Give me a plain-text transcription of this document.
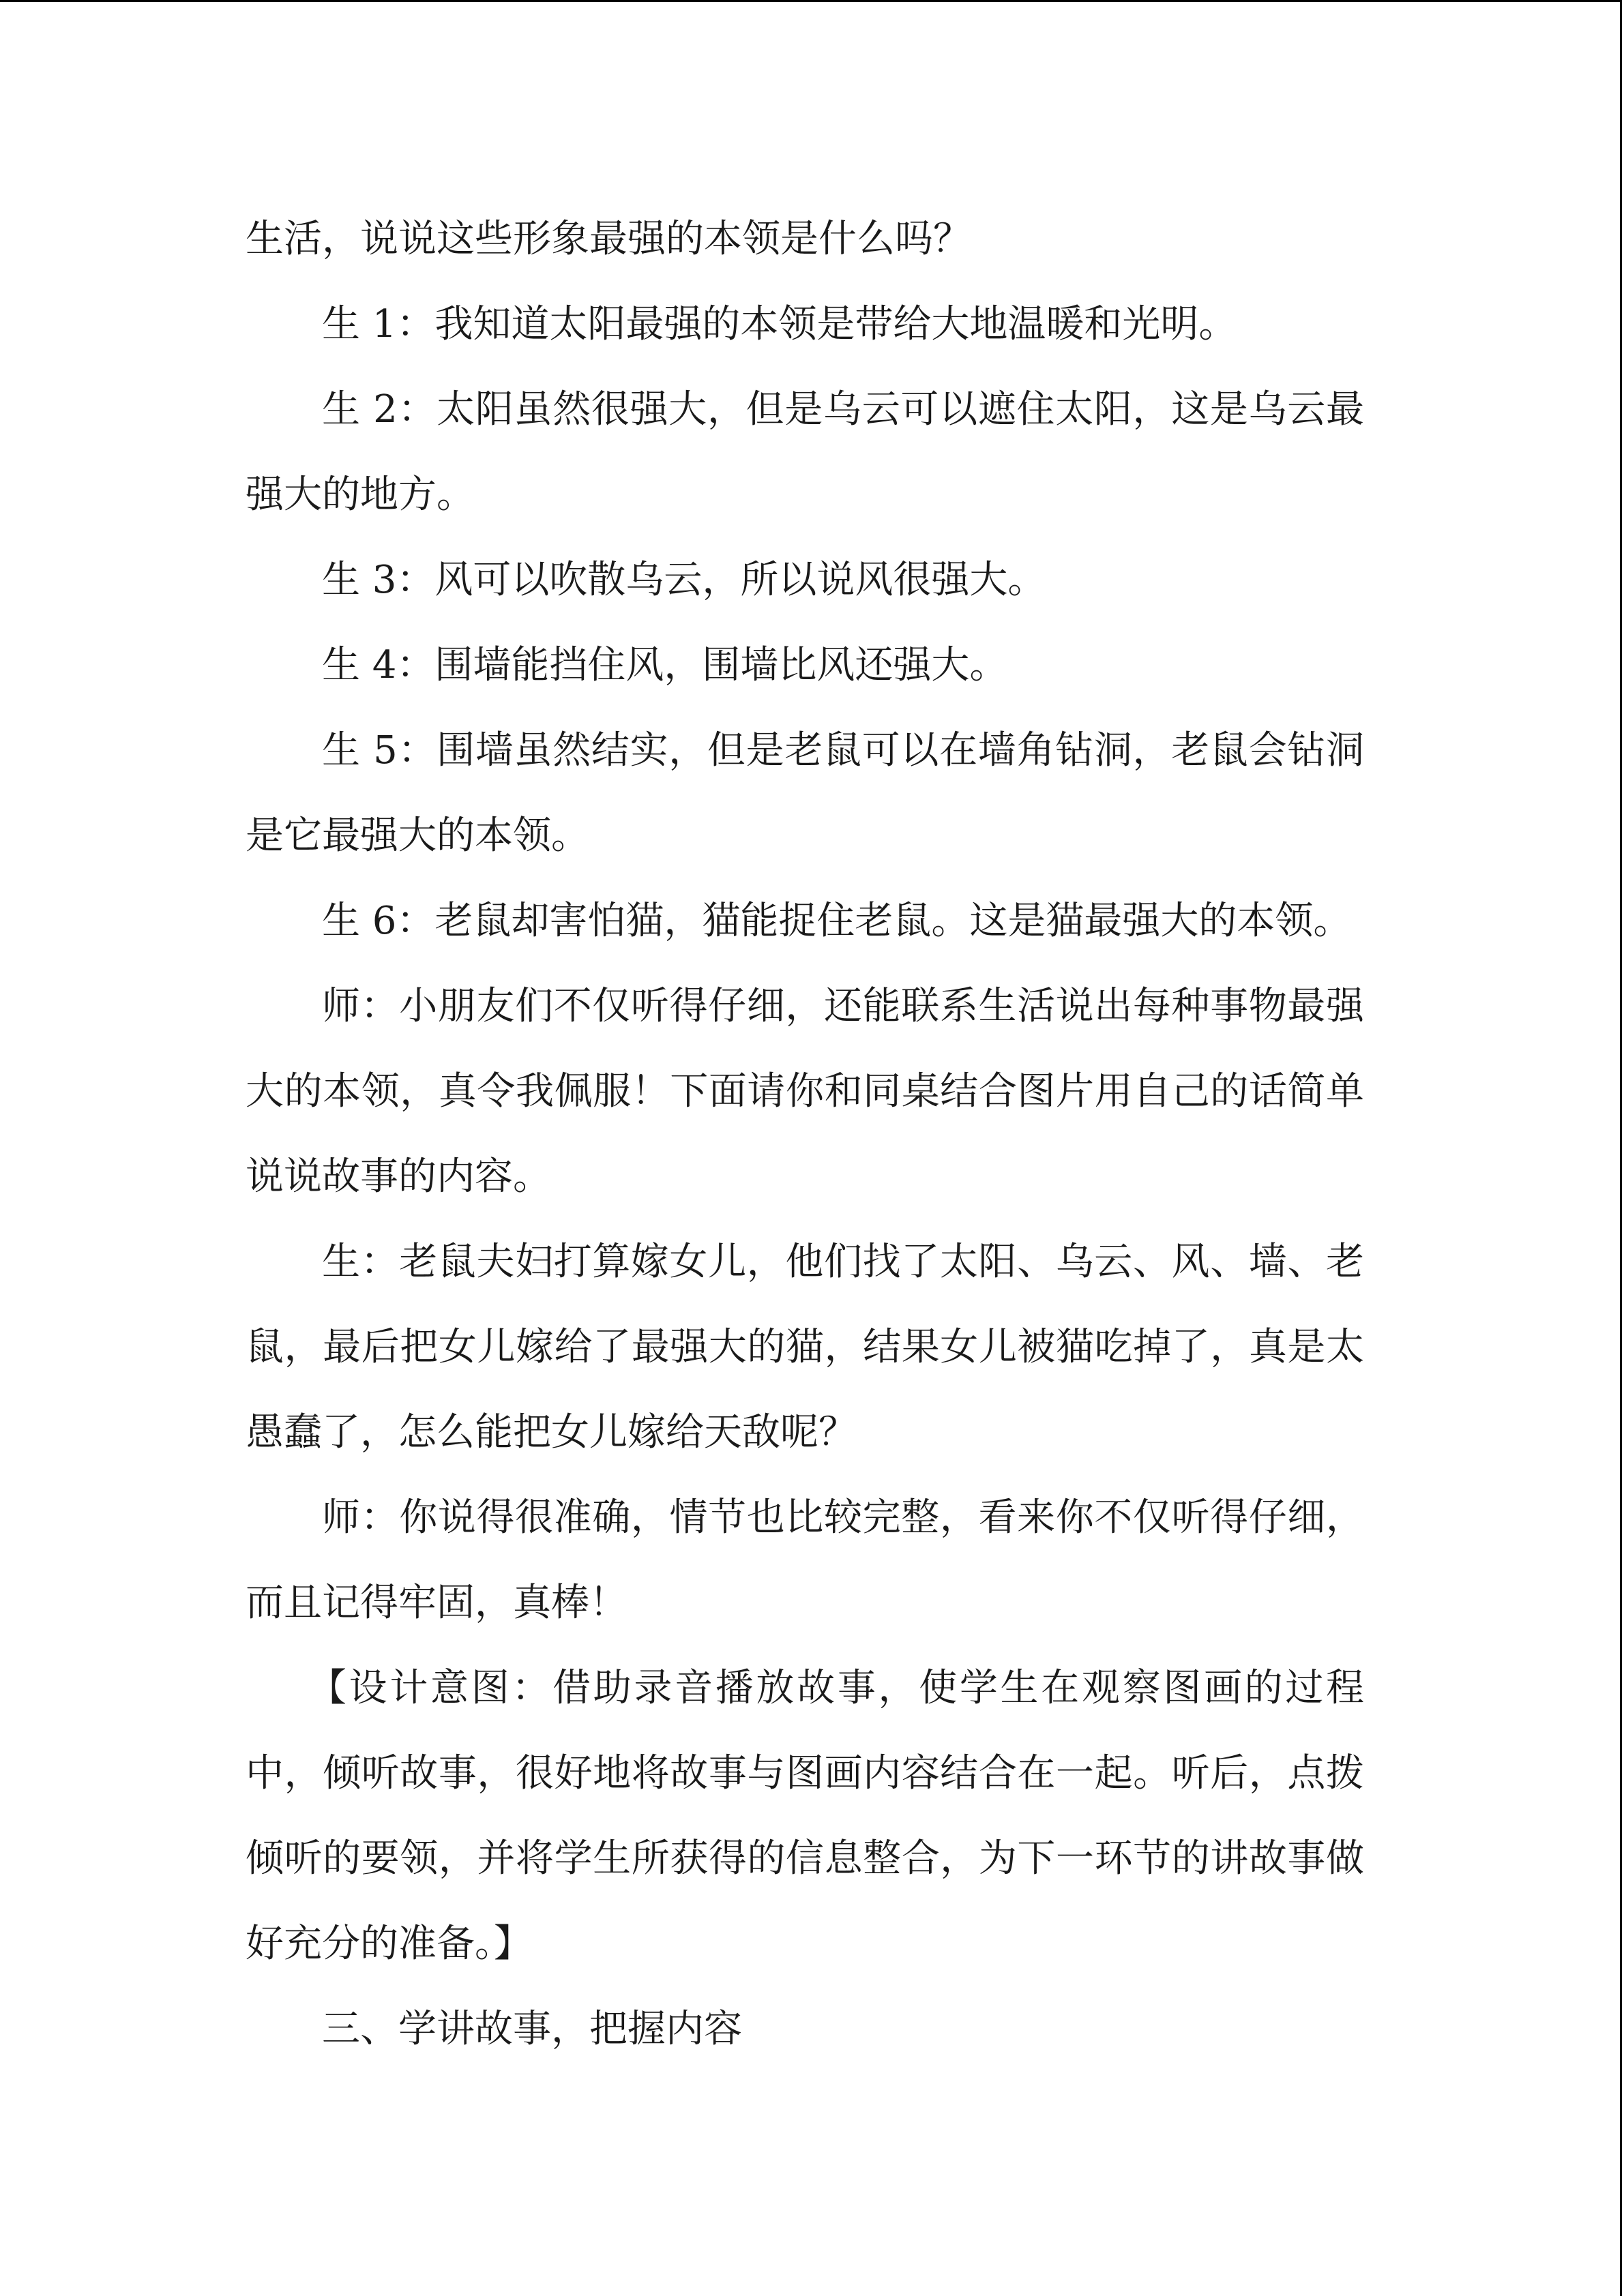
生活，说说这些形象最强的本领是什么吗？

生 1：我知道太阳最强的本领是带给大地温暖和光明。

生 2：太阳虽然很强大，但是乌云可以遮住太阳，这是乌云最强大的地方。

生 3：风可以吹散乌云，所以说风很强大。

生 4：围墙能挡住风，围墙比风还强大。

生 5：围墙虽然结实，但是老鼠可以在墙角钻洞，老鼠会钻洞是它最强大的本领。

生 6：老鼠却害怕猫，猫能捉住老鼠。这是猫最强大的本领。

师：小朋友们不仅听得仔细，还能联系生活说出每种事物最强大的本领，真令我佩服！下面请你和同桌结合图片用自己的话简单说说故事的内容。

生：老鼠夫妇打算嫁女儿，他们找了太阳、乌云、风、墙、老鼠，最后把女儿嫁给了最强大的猫，结果女儿被猫吃掉了，真是太愚蠢了，怎么能把女儿嫁给天敌呢？

师：你说得很准确，情节也比较完整，看来你不仅听得仔细，而且记得牢固，真棒！

【设计意图：借助录音播放故事，使学生在观察图画的过程中，倾听故事，很好地将故事与图画内容结合在一起。听后，点拨倾听的要领，并将学生所获得的信息整合，为下一环节的讲故事做好充分的准备。】

三、学讲故事，把握内容
